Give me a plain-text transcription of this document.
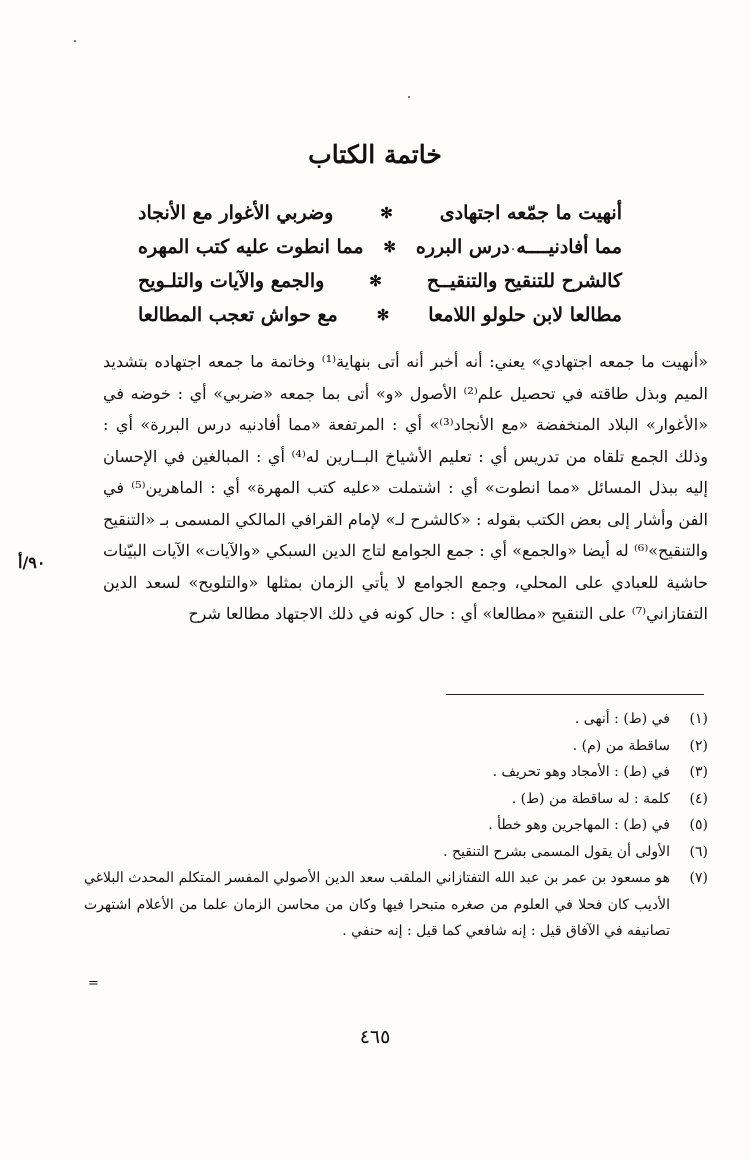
خاتمة الكتاب
أنهيت ما جمّعه اجتهادى
✻
وضربي الأغوار مع الأنجاد
مما أفادنيــــه درس البرره
✻
مما انطوت عليه كتب المهره
كالشرح للتنقيح والتنقيــح
✻
والجمع والآيات والتلـويح
مطالعا لابن حلولو اللامعا
✻
مع حواش تعجب المطالعا

«أنهيت ما جمعه اجتهادي» يعني: أنه أخبر أنه أتى بنهاية⁽¹⁾ وخاتمة ما جمعه اجتهاده بتشديد الميم وبذل طاقته في تحصيل علم⁽²⁾ الأصول «و» أتى بما جمعه «ضربي» أي : خوضه في «الأغوار» البلاد المنخفضة «مع الأنجاد⁽³⁾» أي : المرتفعة «مما أفادنيه درس البررة» أي : وذلك الجمع تلقاه من تدريس أي : تعليم الأشياخ البــارين له⁽⁴⁾ أي : المبالغين في الإحسان إليه ببذل المسائل «مما انطوت» أي : اشتملت «عليه كتب المهرة» أي : الماهرين⁽⁵⁾ في الفن وأشار إلى بعض الكتب بقوله : «كالشرح لـ» لإمام القرافي المالكي المسمى بـ «التنقيح والتنقيح»⁽⁶⁾ له أيضا «والجمع» أي : جمع الجوامع لتاج الدين السبكي «والآيات» الآيات البيّنات حاشية للعبادي على المحلي، وجمع الجوامع لا يأتي الزمان بمثلها «والتلويح» لسعد الدين التفتازاني⁽⁷⁾ على التنقيح «مطالعا» أي : حال كونه في ذلك الاجتهاد مطالعا شرح

٩٠/أ
(١)
في (ط) : أنهى .
(٢)
ساقطة من (م) .
(٣)
في (ط) : الأمجاد وهو تحريف .
(٤)
كلمة : له ساقطة من (ط) .
(٥)
في (ط) : المهاجرين وهو خطأ .
(٦)
الأولى أن يقول المسمى بشرح التنقيح .
(٧)
هو مسعود بن عمر بن عبد الله التفتازاني الملقب سعد الدين الأصولي المفسر المتكلم المحدث البلاغي الأديب كان فحلا في العلوم من صغره متبحرا فيها وكان من محاسن الزمان علما من الأعلام اشتهرت تصانيفه في الآفاق قيل : إنه شافعي كما قيل : إنه حنفي .
=
٤٦٥
